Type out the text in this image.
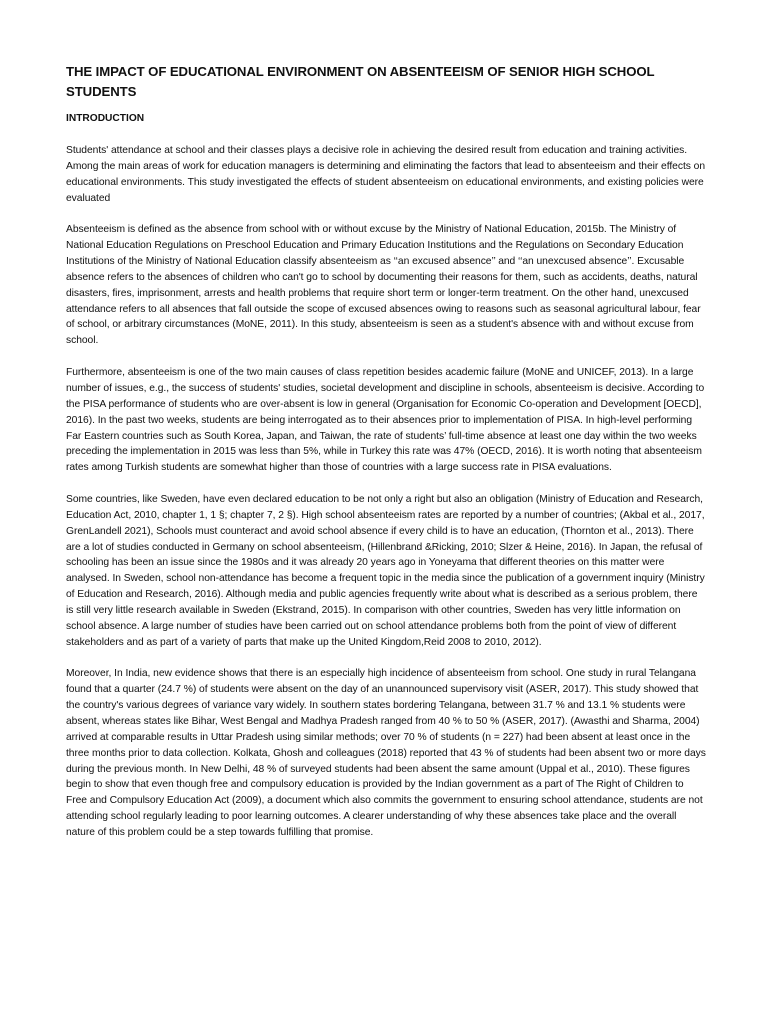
THE IMPACT OF EDUCATIONAL ENVIRONMENT ON ABSENTEEISM OF SENIOR HIGH SCHOOL STUDENTS
INTRODUCTION

Students' attendance at school and their classes plays a decisive role in achieving the desired result from education and training activities. Among the main areas of work for education managers is determining and eliminating the factors that lead to absenteeism and their effects on educational environments. This study investigated the effects of student absenteeism on educational environments, and existing policies were evaluated

Absenteeism is defined as the absence from school with or without excuse by the Ministry of National Education, 2015b. The Ministry of National Education Regulations on Preschool Education and Primary Education Institutions and the Regulations on Secondary Education Institutions of the Ministry of National Education classify absenteeism as ‘‘an excused absence’’ and ‘‘an unexcused absence’’. Excusable absence refers to the absences of children who can't go to school by documenting their reasons for them, such as accidents, deaths, natural disasters, fires, imprisonment, arrests and health problems that require short term or longer-term treatment. On the other hand, unexcused attendance refers to all absences that fall outside the scope of excused absences owing to reasons such as seasonal agricultural labour, fear of school, or arbitrary circumstances (MoNE, 2011). In this study, absenteeism is seen as a student's absence with and without excuse from school.

Furthermore, absenteeism is one of the two main causes of class repetition besides academic failure (MoNE and UNICEF, 2013). In a large number of issues, e.g., the success of students' studies, societal development and discipline in schools, absenteeism is decisive. According to the PISA performance of students who are over-absent is low in general (Organisation for Economic Co-operation and Development [OECD], 2016). In the past two weeks, students are being interrogated as to their absences prior to implementation of PISA. In high-level performing Far Eastern countries such as South Korea, Japan, and Taiwan, the rate of students’ full-time absence at least one day within the two weeks preceding the implementation in 2015 was less than 5%, while in Turkey this rate was 47% (OECD, 2016). It is worth noting that absenteeism rates among Turkish students are somewhat higher than those of countries with a large success rate in PISA evaluations.

Some countries, like Sweden, have even declared education to be not only a right but also an obligation (Ministry of Education and Research, Education Act, 2010, chapter 1, 1 §; chapter 7, 2 §). High school absenteeism rates are reported by a number of countries; (Akbal et al., 2017, GrenLandell 2021), Schools must counteract and avoid school absence if every child is to have an education, (Thornton et al., 2013). There are a lot of studies conducted in Germany on school absenteeism, (Hillenbrand &Ricking, 2010; Slzer & Heine, 2016). In Japan, the refusal of schooling has been an issue since the 1980s and it was already 20 years ago in Yoneyama that different theories on this matter were analysed. In Sweden, school non-attendance has become a frequent topic in the media since the publication of a government inquiry (Ministry of Education and Research, 2016). Although media and public agencies frequently write about what is described as a serious problem, there is still very little research available in Sweden (Ekstrand, 2015). In comparison with other countries, Sweden has very little information on school absence. A large number of studies have been carried out on school attendance problems both from the point of view of different stakeholders and as part of a variety of parts that make up the United Kingdom,Reid 2008 to 2010, 2012).

Moreover, In India, new evidence shows that there is an especially high incidence of absenteeism from school. One study in rural Telangana found that a quarter (24.7 %) of students were absent on the day of an unannounced supervisory visit (ASER, 2017). This study showed that the country's various degrees of variance vary widely. In southern states bordering Telangana, between 31.7 % and 13.1 % students were absent, whereas states like Bihar, West Bengal and Madhya Pradesh ranged from 40 % to 50 % (ASER, 2017). (Awasthi and Sharma, 2004) arrived at comparable results in Uttar Pradesh using similar methods; over 70 % of students (n = 227) had been absent at least once in the three months prior to data collection. Kolkata, Ghosh and colleagues (2018) reported that 43 % of students had been absent two or more days during the previous month. In New Delhi, 48 % of surveyed students had been absent the same amount (Uppal et al., 2010). These figures begin to show that even though free and compulsory education is provided by the Indian government as a part of The Right of Children to Free and Compulsory Education Act (2009), a document which also commits the government to ensuring school attendance, students are not attending school regularly leading to poor learning outcomes. A clearer understanding of why these absences take place and the overall nature of this problem could be a step towards fulfilling that promise.
